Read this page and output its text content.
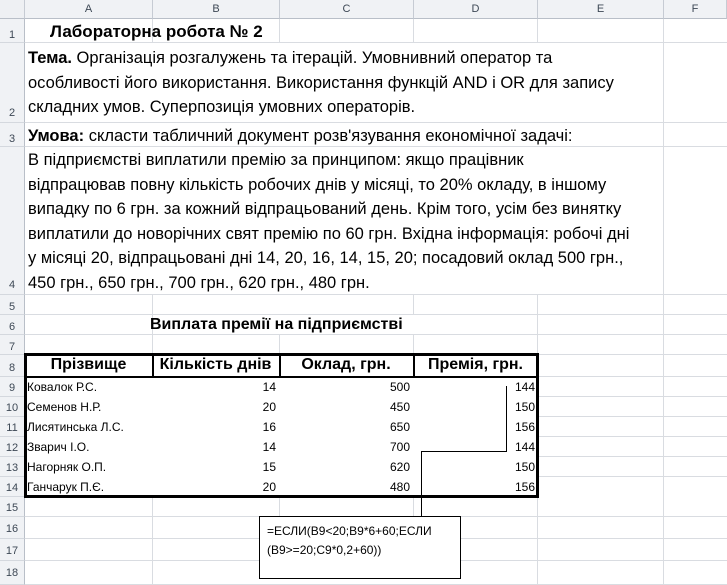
A	B	C	D	E	F
1
2
3
4
5
6
7
8
9
10
11
12
13
14
15
16
17
18
Лабораторна робота № 2
Тема. Організація розгалужень та ітерацій. Умовнивний оператор та
особливості його використання. Використання функцій AND і OR для запису
складних умов. Суперпозиція умовних операторів.
Умова: скласти табличний документ розв'язування економічної задачі:
В підприємстві виплатили премію за принципом: якщо працівник
відпрацював повну кількість робочих днів у місяці, то 20% окладу, в іншому
випадку по 6 грн. за кожний відпрацьований день. Крім того, усім без винятку
виплатили до новорічних свят премію по 60 грн. Вхідна інформація: робочі дні
у місяці 20, відпрацьовані дні 14, 20, 16, 14, 15, 20; посадовий оклад 500 грн.,
450 грн., 650 грн., 700 грн., 620 грн., 480 грн.
Виплата премії на підприємстві
Прізвище	Кількість днів	Оклад, грн.	Премія, грн.
Ковалок Р.С.	14	500	144
Семенов Н.Р.	20	450	150
Лисятинська Л.С.	16	650	156
Зварич І.О.	14	700	144
Нагорняк О.П.	15	620	150
Ганчарук П.Є.	20	480	156
=ЕСЛИ(B9<20;B9*6+60;ЕСЛИ
(B9>=20;C9*0,2+60))
